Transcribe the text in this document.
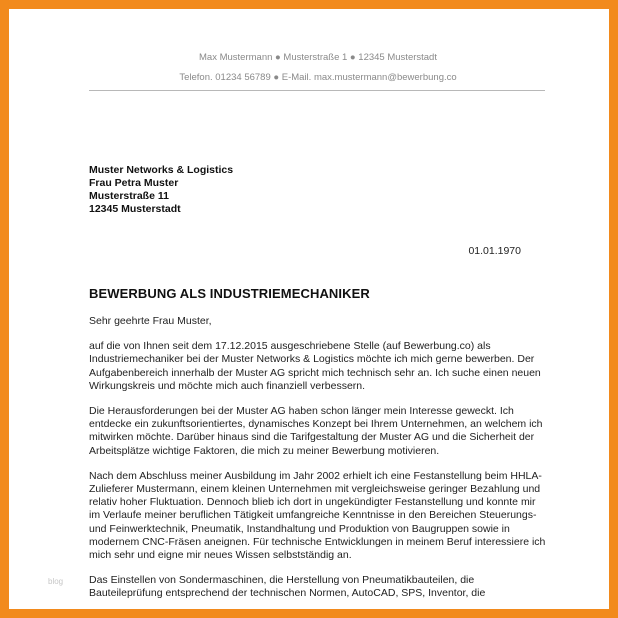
Max Mustermann ● Musterstraße 1 ● 12345 Musterstadt
Telefon. 01234 56789 ● E-Mail. max.mustermann@bewerbung.co
Muster Networks & Logistics
Frau Petra Muster
Musterstraße 11
12345 Musterstadt
01.01.1970
BEWERBUNG ALS INDUSTRIEMECHANIKER

Sehr geehrte Frau Muster,

auf die von Ihnen seit dem 17.12.2015 ausgeschriebene Stelle (auf Bewerbung.co) als Industriemechaniker bei der Muster Networks & Logistics möchte ich mich gerne bewerben. Der Aufgabenbereich innerhalb der Muster AG spricht mich technisch sehr an. Ich suche einen neuen Wirkungskreis und möchte mich auch finanziell verbessern.

Die Herausforderungen bei der Muster AG haben schon länger mein Interesse geweckt. Ich entdecke ein zukunftsorientiertes, dynamisches Konzept bei Ihrem Unternehmen, an welchem ich mitwirken möchte. Darüber hinaus sind die Tarifgestaltung der Muster AG und die Sicherheit der Arbeitsplätze wichtige Faktoren, die mich zu meiner Bewerbung motivieren.

Nach dem Abschluss meiner Ausbildung im Jahr 2002 erhielt ich eine Festanstellung beim HHLA-Zulieferer Mustermann, einem kleinen Unternehmen mit vergleichsweise geringer Bezahlung und relativ hoher Fluktuation. Dennoch blieb ich dort in ungekündigter Festanstellung und konnte mir im Verlaufe meiner beruflichen Tätigkeit umfangreiche Kenntnisse in den Bereichen Steuerungs- und Feinwerktechnik, Pneumatik, Instandhaltung und Produktion von Baugruppen sowie in modernem CNC-Fräsen aneignen. Für technische Entwicklungen in meinem Beruf interessiere ich mich sehr und eigne mir neues Wissen selbstständig an.

Das Einstellen von Sondermaschinen, die Herstellung von Pneumatikbauteilen, die Bauteileprüfung entsprechend der technischen Normen, AutoCAD, SPS, Inventor, die

blog
